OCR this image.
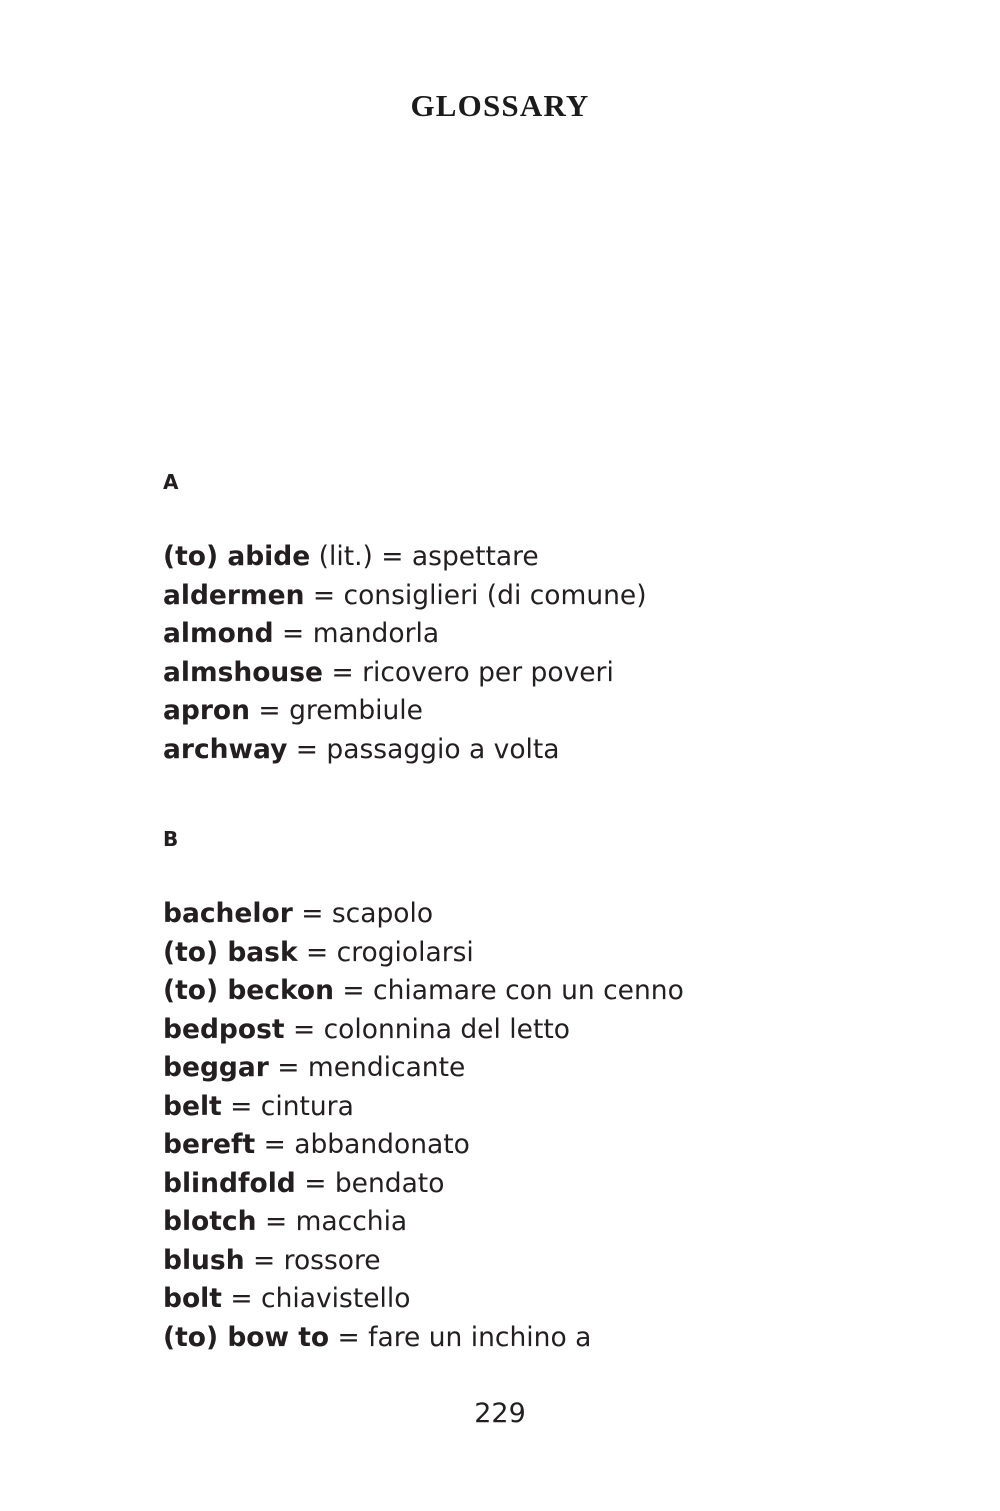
GLOSSARY
A
(to) abide (lit.) = aspettare
aldermen = consiglieri (di comune)
almond = mandorla
almshouse = ricovero per poveri
apron = grembiule
archway = passaggio a volta
B
bachelor = scapolo
(to) bask = crogiolarsi
(to) beckon = chiamare con un cenno
bedpost = colonnina del letto
beggar = mendicante
belt = cintura
bereft = abbandonato
blindfold = bendato
blotch = macchia
blush = rossore
bolt = chiavistello
(to) bow to = fare un inchino a
229
